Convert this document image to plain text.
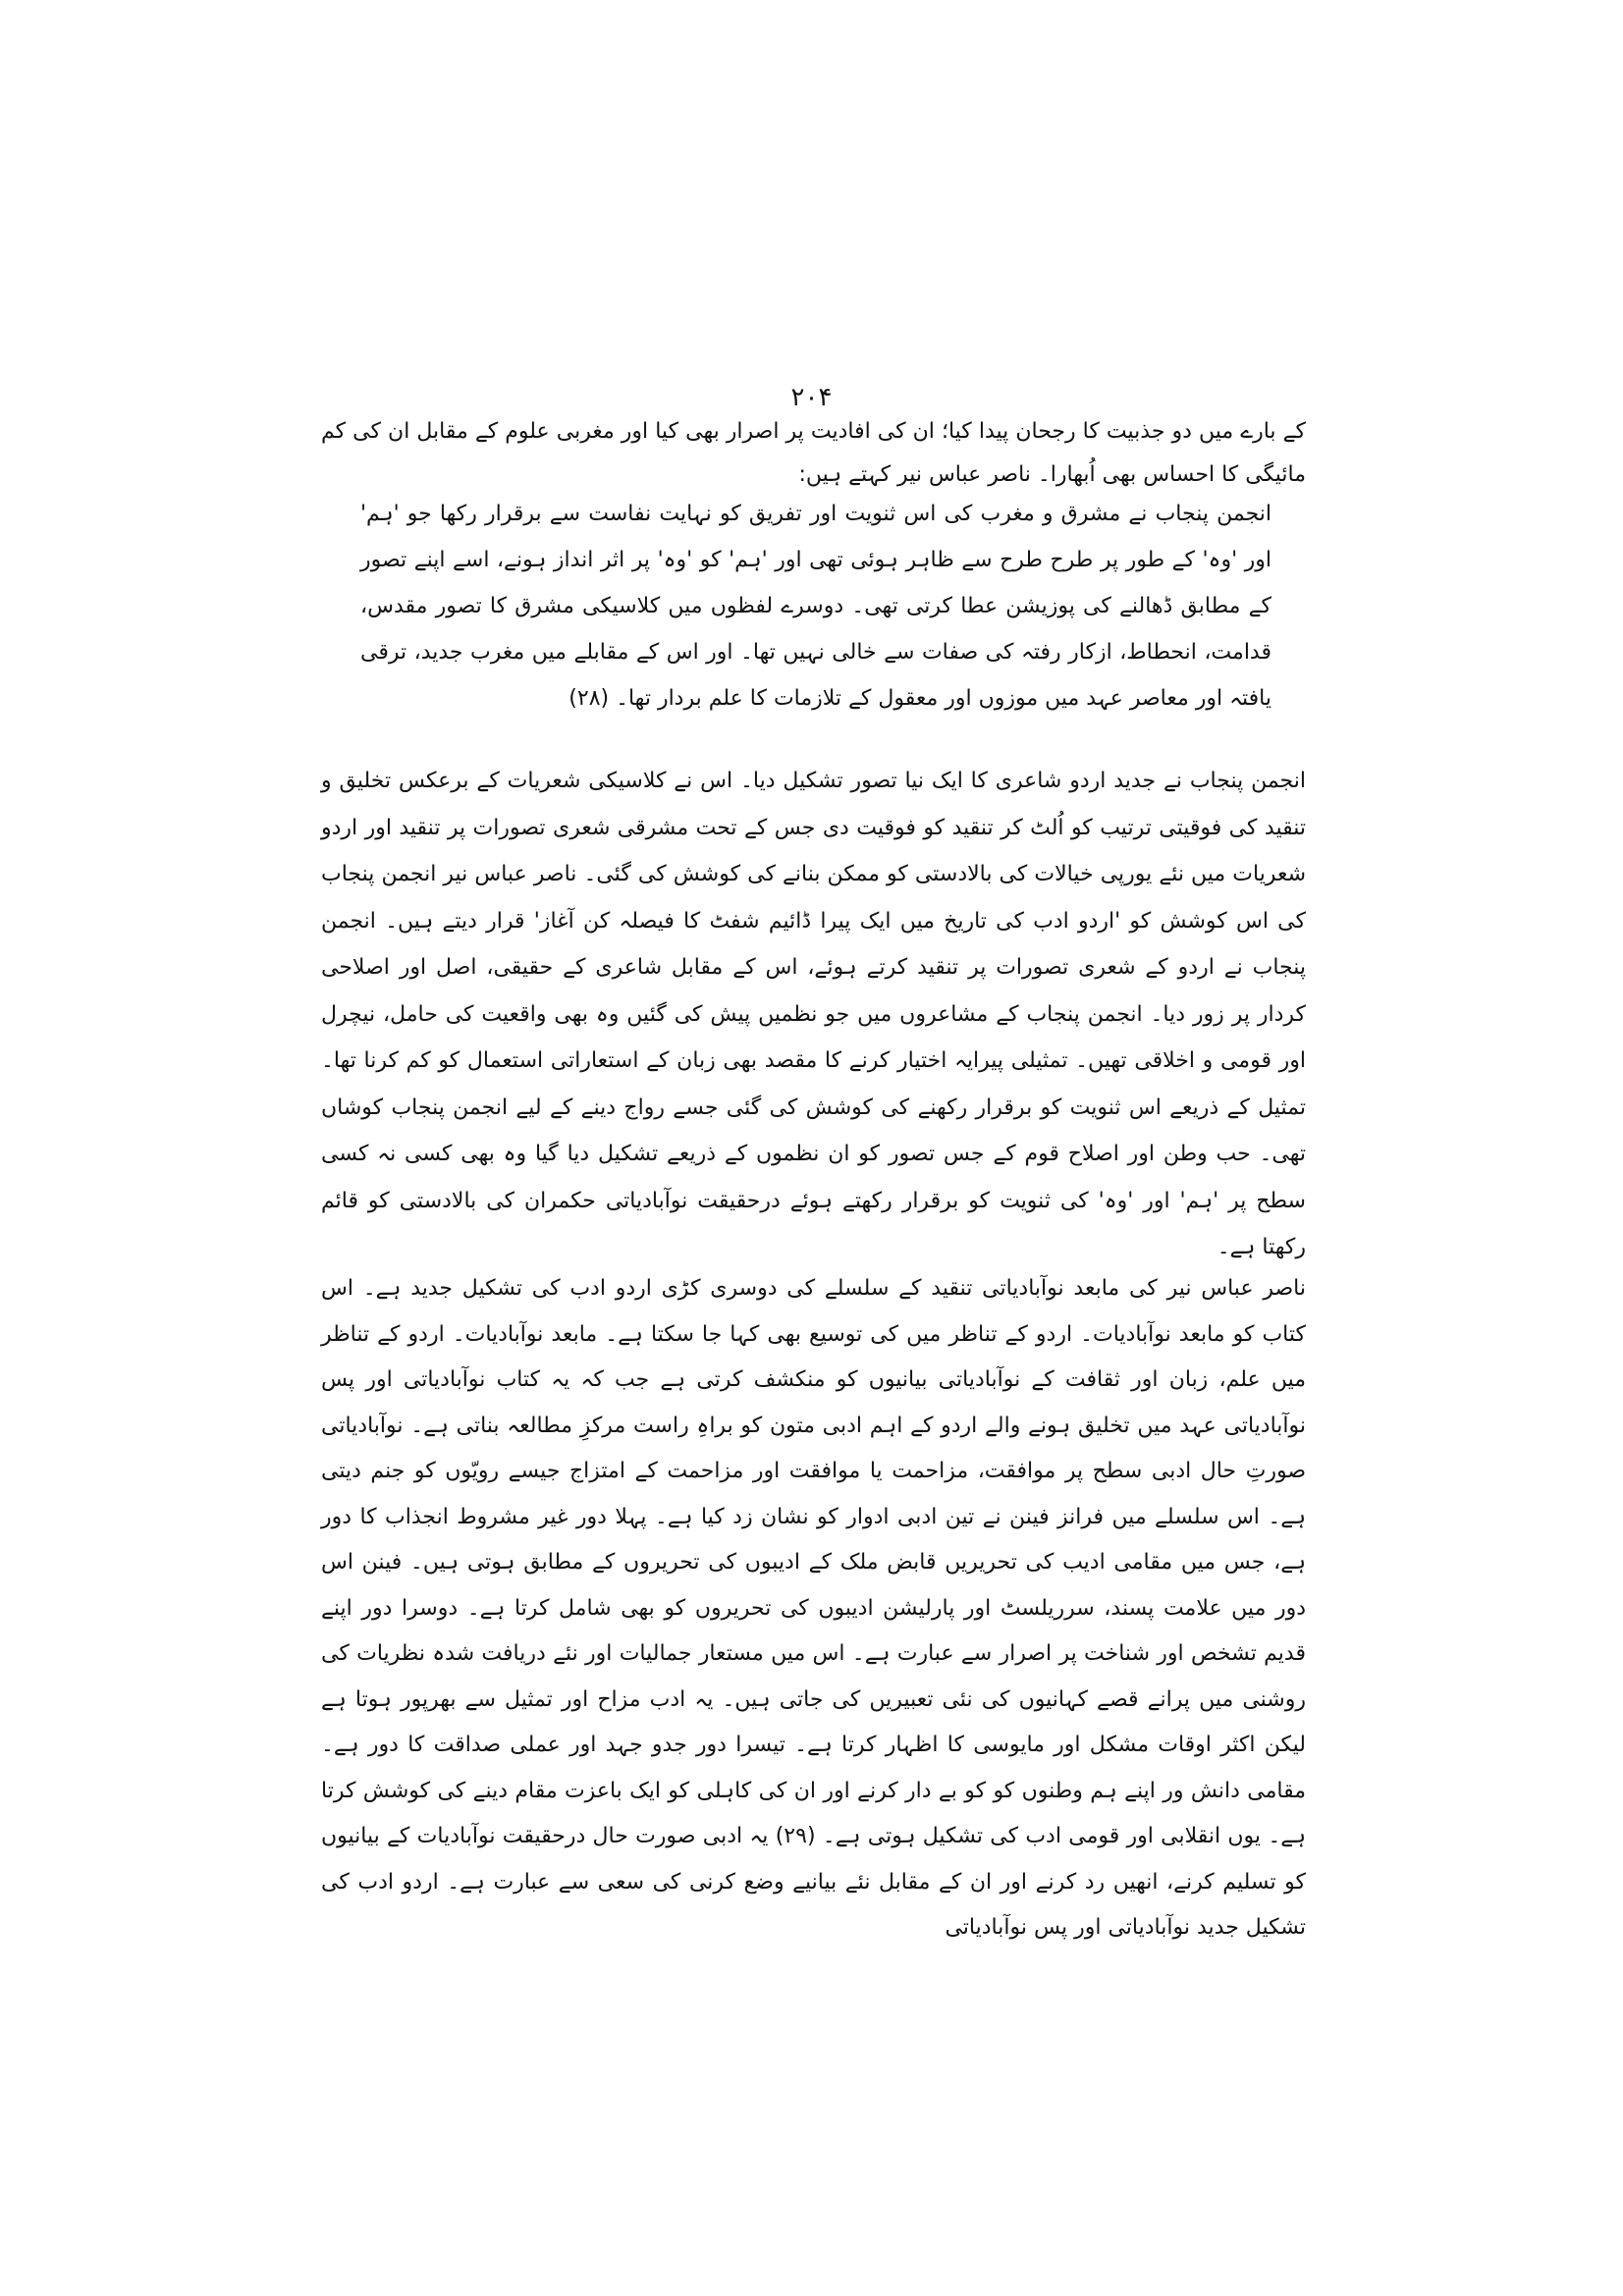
۲۰۴
کے بارے میں دو جذبیت کا رجحان پیدا کیا؛ ان کی افادیت پر اصرار بھی کیا اور مغربی علوم کے مقابل ان کی کم مائیگی کا احساس بھی اُبھارا۔ ناصر عباس نیر کہتے ہیں:
انجمن پنجاب نے مشرق و مغرب کی اس ثنویت اور تفریق کو نہایت نفاست سے برقرار رکھا جو 'ہم' اور 'وہ' کے طور پر طرح طرح سے ظاہر ہوئی تھی اور 'ہم' کو 'وہ' پر اثر انداز ہونے، اسے اپنے تصور کے مطابق ڈھالنے کی پوزیشن عطا کرتی تھی۔ دوسرے لفظوں میں کلاسیکی مشرق کا تصور مقدس، قدامت، انحطاط، ازکار رفتہ کی صفات سے خالی نہیں تھا۔ اور اس کے مقابلے میں مغرب جدید، ترقی یافتہ اور معاصر عہد میں موزوں اور معقول کے تلازمات کا علم بردار تھا۔ (۲۸)
انجمن پنجاب نے جدید اردو شاعری کا ایک نیا تصور تشکیل دیا۔ اس نے کلاسیکی شعریات کے برعکس تخلیق و تنقید کی فوقیتی ترتیب کو اُلٹ کر تنقید کو فوقیت دی جس کے تحت مشرقی شعری تصورات پر تنقید اور اردو شعریات میں نئے یورپی خیالات کی بالادستی کو ممکن بنانے کی کوشش کی گئی۔ ناصر عباس نیر انجمن پنجاب کی اس کوشش کو 'اردو ادب کی تاریخ میں ایک پیرا ڈائیم شفٹ کا فیصلہ کن آغاز' قرار دیتے ہیں۔ انجمن پنجاب نے اردو کے شعری تصورات پر تنقید کرتے ہوئے، اس کے مقابل شاعری کے حقیقی، اصل اور اصلاحی کردار پر زور دیا۔ انجمن پنجاب کے مشاعروں میں جو نظمیں پیش کی گئیں وہ بھی واقعیت کی حامل، نیچرل اور قومی و اخلاقی تھیں۔ تمثیلی پیرایہ اختیار کرنے کا مقصد بھی زبان کے استعاراتی استعمال کو کم کرنا تھا۔ تمثیل کے ذریعے اس ثنویت کو برقرار رکھنے کی کوشش کی گئی جسے رواج دینے کے لیے انجمن پنجاب کوشاں تھی۔ حب وطن اور اصلاح قوم کے جس تصور کو ان نظموں کے ذریعے تشکیل دیا گیا وہ بھی کسی نہ کسی سطح پر 'ہم' اور 'وہ' کی ثنویت کو برقرار رکھتے ہوئے درحقیقت نوآبادیاتی حکمران کی بالادستی کو قائم رکھتا ہے۔
ناصر عباس نیر کی مابعد نوآبادیاتی تنقید کے سلسلے کی دوسری کڑی اردو ادب کی تشکیل جدید ہے۔ اس کتاب کو مابعد نوآبادیات۔ اردو کے تناظر میں کی توسیع بھی کہا جا سکتا ہے۔ مابعد نوآبادیات۔ اردو کے تناظر میں علم، زبان اور ثقافت کے نوآبادیاتی بیانیوں کو منکشف کرتی ہے جب کہ یہ کتاب نوآبادیاتی اور پس نوآبادیاتی عہد میں تخلیق ہونے والے اردو کے اہم ادبی متون کو براہِ راست مرکزِ مطالعہ بناتی ہے۔ نوآبادیاتی صورتِ حال ادبی سطح پر موافقت، مزاحمت یا موافقت اور مزاحمت کے امتزاج جیسے رویّوں کو جنم دیتی ہے۔ اس سلسلے میں فرانز فینن نے تین ادبی ادوار کو نشان زد کیا ہے۔ پہلا دور غیر مشروط انجذاب کا دور ہے، جس میں مقامی ادیب کی تحریریں قابض ملک کے ادیبوں کی تحریروں کے مطابق ہوتی ہیں۔ فینن اس دور میں علامت پسند، سرریلسٹ اور پارلیشن ادیبوں کی تحریروں کو بھی شامل کرتا ہے۔ دوسرا دور اپنے قدیم تشخص اور شناخت پر اصرار سے عبارت ہے۔ اس میں مستعار جمالیات اور نئے دریافت شدہ نظریات کی روشنی میں پرانے قصے کہانیوں کی نئی تعبیریں کی جاتی ہیں۔ یہ ادب مزاح اور تمثیل سے بھرپور ہوتا ہے لیکن اکثر اوقات مشکل اور مایوسی کا اظہار کرتا ہے۔ تیسرا دور جدو جہد اور عملی صداقت کا دور ہے۔ مقامی دانش ور اپنے ہم وطنوں کو کو بے دار کرنے اور ان کی کاہلی کو ایک باعزت مقام دینے کی کوشش کرتا ہے۔ یوں انقلابی اور قومی ادب کی تشکیل ہوتی ہے۔ (۲۹) یہ ادبی صورت حال درحقیقت نوآبادیات کے بیانیوں کو تسلیم کرنے، انھیں رد کرنے اور ان کے مقابل نئے بیانیے وضع کرنی کی سعی سے عبارت ہے۔ اردو ادب کی تشکیل جدید نوآبادیاتی اور پس نوآبادیاتی
